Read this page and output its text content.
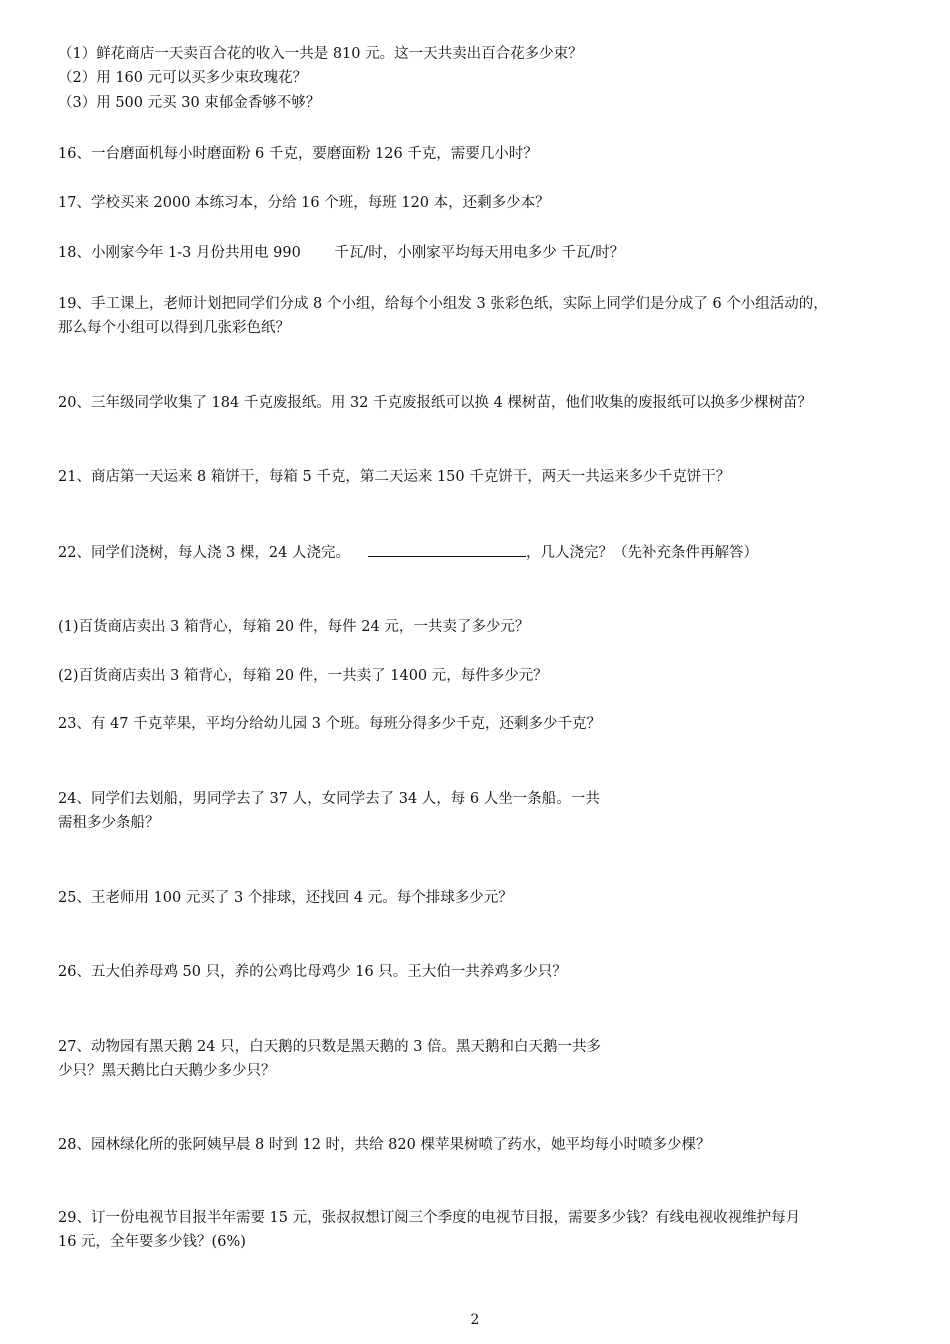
（1）鲜花商店一天卖百合花的收入一共是 810 元。这一天共卖出百合花多少束？
（2）用 160 元可以买多少束玫瑰花？
（3）用 500 元买 30 束郁金香够不够？
16、一台磨面机每小时磨面粉 6 千克，要磨面粉 126 千克，需要几小时？
17、学校买来 2000 本练习本，分给 16 个班，每班 120 本，还剩多少本？
18、小刚家今年 1-3 月份共用电 990　　 千瓦/时，小刚家平均每天用电多少 千瓦/时？
19、手工课上，老师计划把同学们分成 8 个小组，给每个小组发 3 张彩色纸，实际上同学们是分成了 6 个小组活动的，
那么每个小组可以得到几张彩色纸？
20、三年级同学收集了 184 千克废报纸。用 32 千克废报纸可以换 4 棵树苗，他们收集的废报纸可以换多少棵树苗？
21、商店第一天运来 8 箱饼干，每箱 5 千克，第二天运来 150 千克饼干，两天一共运来多少千克饼干？
22、同学们浇树，每人浇 3 棵，24 人浇完。	，几人浇完？（先补充条件再解答）
(1)百货商店卖出 3 箱背心，每箱 20 件，每件 24 元，一共卖了多少元？
(2)百货商店卖出 3 箱背心，每箱 20 件，一共卖了 1400 元，每件多少元？
23、有 47 千克苹果，平均分给幼儿园 3 个班。每班分得多少千克，还剩多少千克？
24、同学们去划船，男同学去了 37 人，女同学去了 34 人，每 6 人坐一条船。一共
需租多少条船？
25、王老师用 100 元买了 3 个排球，还找回 4 元。每个排球多少元？
26、五大伯养母鸡 50 只，养的公鸡比母鸡少 16 只。王大伯一共养鸡多少只？
27、动物园有黑天鹅 24 只，白天鹅的只数是黑天鹅的 3 倍。黑天鹅和白天鹅一共多
少只？黑天鹅比白天鹅少多少只？
28、园林绿化所的张阿姨早晨 8 时到 12 时，共给 820 棵苹果树喷了药水，她平均每小时喷多少棵？
29、订一份电视节目报半年需要 15 元，张叔叔想订阅三个季度的电视节目报，需要多少钱？有线电视收视维护每月
16 元，全年要多少钱？(6%)
2
